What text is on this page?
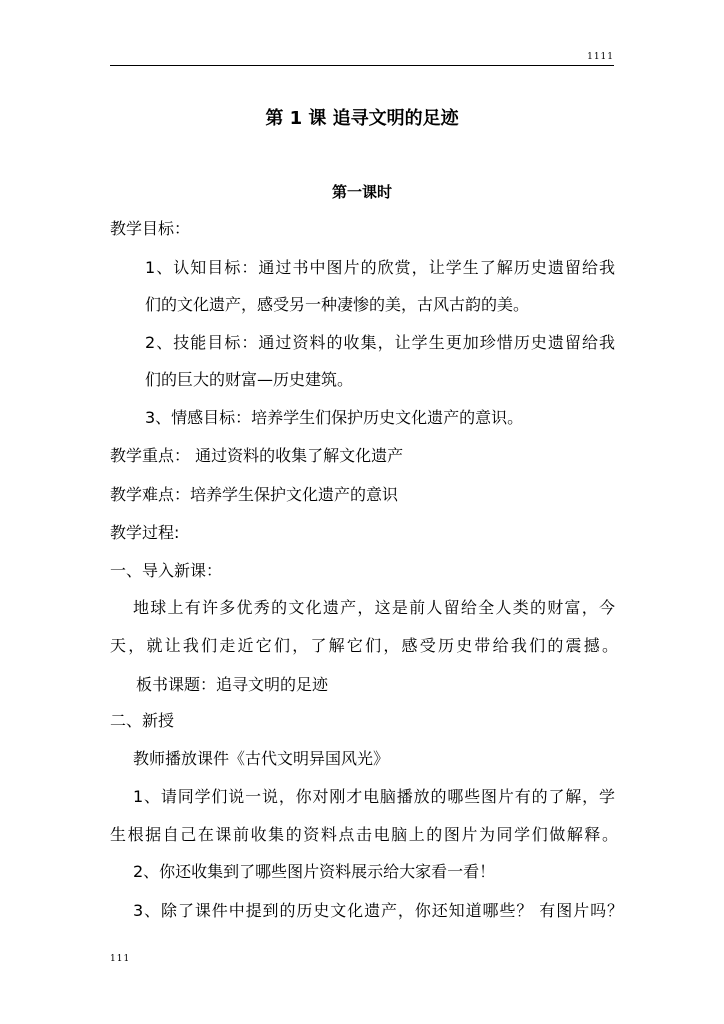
1111
第 1 课 追寻文明的足迹
第一课时
教学目标：
1、认知目标：通过书中图片的欣赏，让学生了解历史遗留给我
们的文化遗产，感受另一种凄惨的美，古风古韵的美。
2、技能目标：通过资料的收集，让学生更加珍惜历史遗留给我
们的巨大的财富—历史建筑。
3、情感目标：培养学生们保护历史文化遗产的意识。
教学重点： 通过资料的收集了解文化遗产
教学难点：培养学生保护文化遗产的意识
教学过程:
一、导入新课：
地球上有许多优秀的文化遗产，这是前人留给全人类的财富，今
天，就让我们走近它们，了解它们，感受历史带给我们的震撼。
板书课题：追寻文明的足迹
二、新授
教师播放课件《古代文明异国风光》
1、请同学们说一说，你对刚才电脑播放的哪些图片有的了解，学
生根据自己在课前收集的资料点击电脑上的图片为同学们做解释。
2、你还收集到了哪些图片资料展示给大家看一看！
3、除了课件中提到的历史文化遗产，你还知道哪些？ 有图片吗？
111
